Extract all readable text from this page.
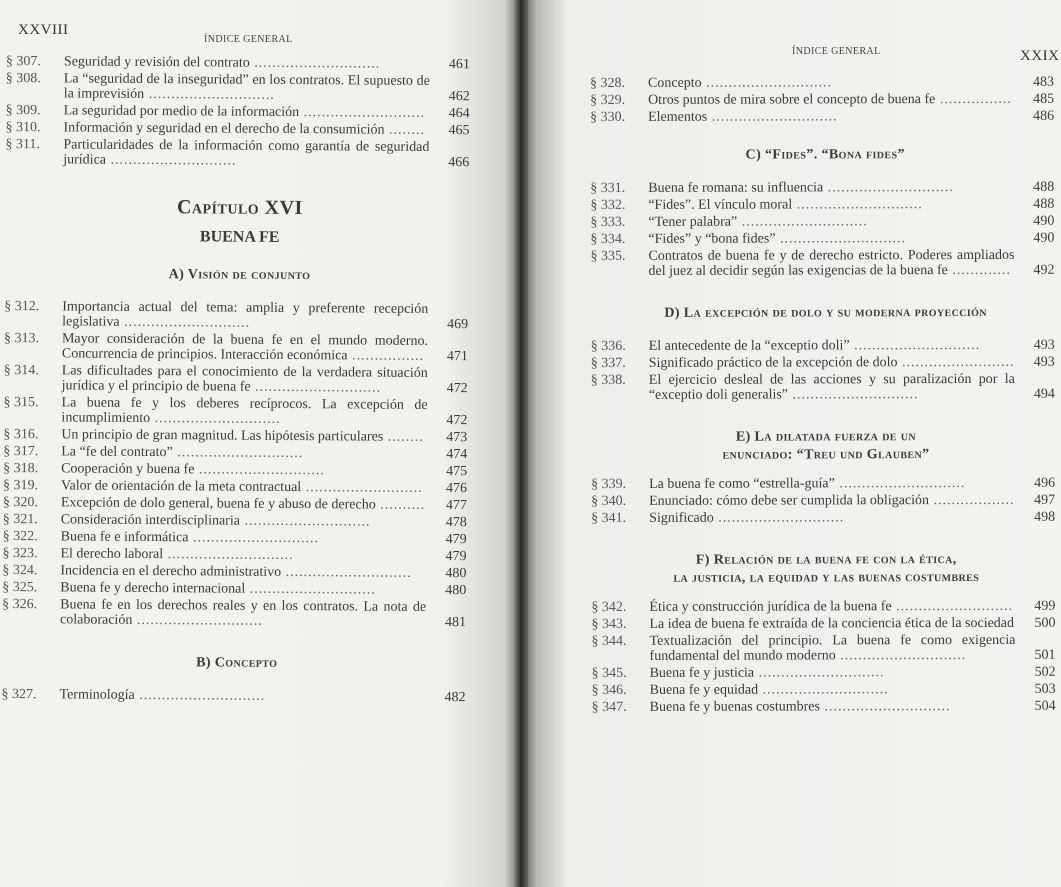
XXVIII
ÍNDICE GENERAL
§ 307.	Seguridad y revisión del contrato ............................	461
§ 308.	La “seguridad de la inseguridad” en los contratos. El supuesto de la imprevisión ............................	462
§ 309.	La seguridad por medio de la información ...........................	464
§ 310.	Información y seguridad en el derecho de la consumición ........	465
§ 311.	Particularidades de la información como garantía de seguridad jurídica ............................	466
Capítulo XVI
BUENA FE
A) Visión de conjunto
§ 312.	Importancia actual del tema: amplia y preferente recepción legislativa ............................	469
§ 313.	Mayor consideración de la buena fe en el mundo moderno. Concurrencia de principios. Interacción económica ................	471
§ 314.	Las dificultades para el conocimiento de la verdadera situación jurídica y el principio de buena fe ............................	472
§ 315.	La buena fe y los deberes recíprocos. La excepción de incumplimiento ............................	472
§ 316.	Un principio de gran magnitud. Las hipótesis particulares ........	473
§ 317.	La “fe del contrato” ............................	474
§ 318.	Cooperación y buena fe ............................	475
§ 319.	Valor de orientación de la meta contractual ..........................	476
§ 320.	Excepción de dolo general, buena fe y abuso de derecho ..........	477
§ 321.	Consideración interdisciplinaria ............................	478
§ 322.	Buena fe e informática ............................	479
§ 323.	El derecho laboral ............................	479
§ 324.	Incidencia en el derecho administrativo ............................	480
§ 325.	Buena fe y derecho internacional ............................	480
§ 326.	Buena fe en los derechos reales y en los contratos. La nota de colaboración ............................	481
B) Concepto
§ 327.	Terminología ............................	482
XXIX
ÍNDICE GENERAL
§ 328.	Concepto ............................	483
§ 329.	Otros puntos de mira sobre el concepto de buena fe ................	485
§ 330.	Elementos ............................	486
C) “Fides”. “Bona fides”
§ 331.	Buena fe romana: su influencia ............................	488
§ 332.	“Fides”. El vínculo moral ............................	488
§ 333.	“Tener palabra” ............................	490
§ 334.	“Fides” y “bona fides” ............................	490
§ 335.	Contratos de buena fe y de derecho estricto. Poderes ampliados del juez al decidir según las exigencias de la buena fe .............	492
D) La excepción de dolo y su moderna proyección
§ 336.	El antecedente de la “exceptio doli” ............................	493
§ 337.	Significado práctico de la excepción de dolo .........................	493
§ 338.	El ejercicio desleal de las acciones y su paralización por la “exceptio doli generalis” ............................	494
E) La dilatada fuerza de un
enunciado: “Treu und Glauben”
§ 339.	La buena fe como “estrella-guía” ............................	496
§ 340.	Enunciado: cómo debe ser cumplida la obligación ..................	497
§ 341.	Significado ............................	498
F) Relación de la buena fe con la ética,
la justicia, la equidad y las buenas costumbres
§ 342.	Ética y construcción jurídica de la buena fe ..........................	499
§ 343.	La idea de buena fe extraída de la conciencia ética de la sociedad	500
§ 344.	Textualización del principio. La buena fe como exigencia fundamental del mundo moderno ............................	501
§ 345.	Buena fe y justicia ............................	502
§ 346.	Buena fe y equidad ............................	503
§ 347.	Buena fe y buenas costumbres ............................	504
